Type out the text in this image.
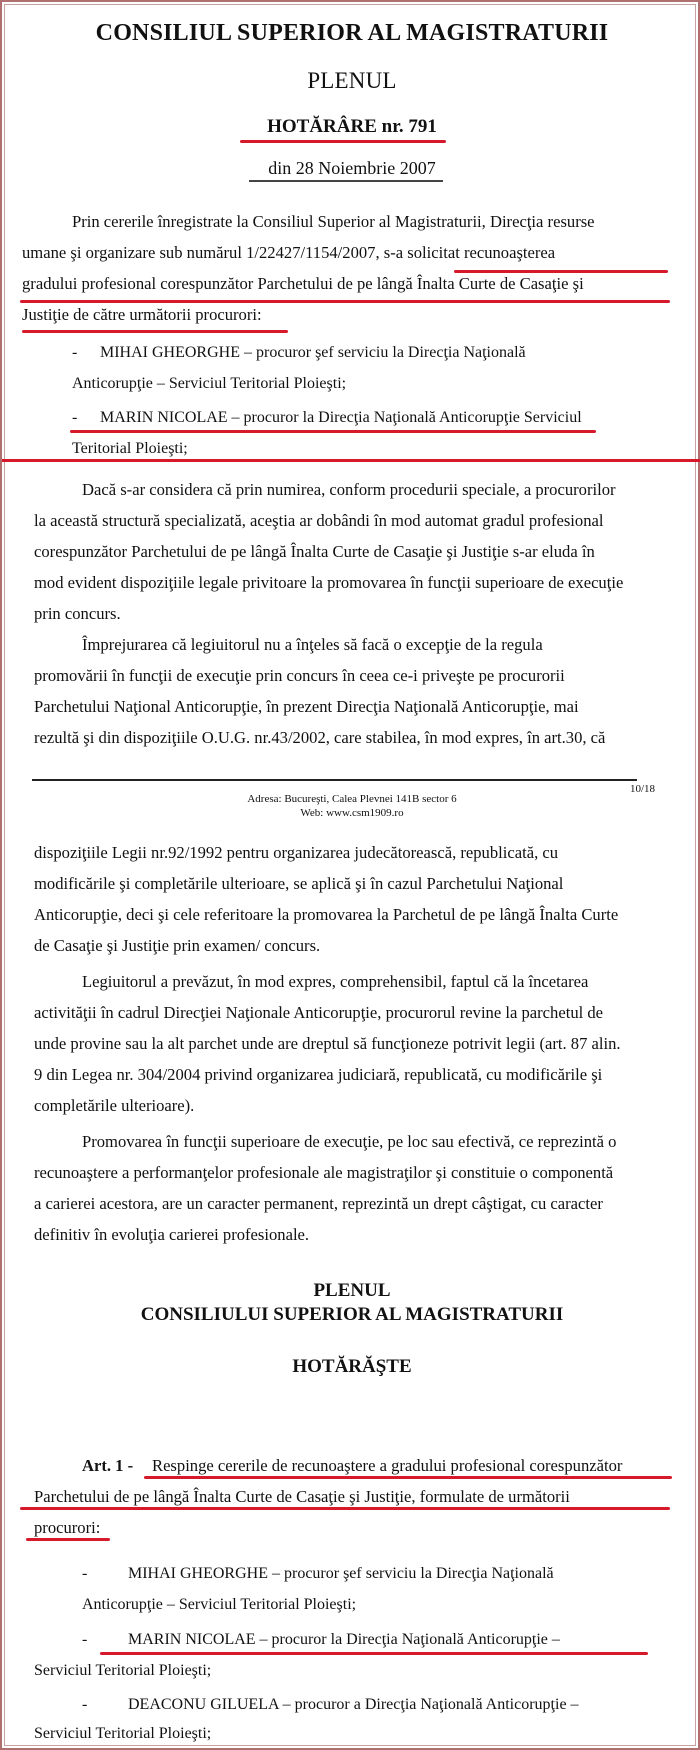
CONSILIUL SUPERIOR AL MAGISTRATURII
PLENUL
HOTĂRÂRE nr. 791
din 28 Noiembrie 2007
Prin cererile înregistrate la Consiliul Superior al Magistraturii, Direcţia resurse
umane şi organizare sub numărul 1/22427/1154/2007, s-a solicitat recunoaşterea
gradului profesional corespunzător Parchetului de pe lângă Înalta Curte de Casaţie şi
Justiţie de către următorii procurori:
- MIHAI GHEORGHE – procuror şef serviciu la Direcţia Naţională
Anticorupţie – Serviciul Teritorial Ploieşti;
- MARIN NICOLAE – procuror la Direcţia Naţională Anticorupţie Serviciul
Teritorial Ploieşti;
Dacă s-ar considera că prin numirea, conform procedurii speciale, a procurorilor
la această structură specializată, aceştia ar dobândi în mod automat gradul profesional
corespunzător Parchetului de pe lângă Înalta Curte de Casaţie şi Justiţie s-ar eluda în
mod evident dispoziţiile legale privitoare la promovarea în funcţii superioare de execuţie
prin concurs.
Împrejurarea că legiuitorul nu a înţeles să facă o excepţie de la regula
promovării în funcţii de execuţie prin concurs în ceea ce-i priveşte pe procurorii
Parchetului Naţional Anticorupţie, în prezent Direcţia Naţională Anticorupţie, mai
rezultă şi din dispoziţiile O.U.G. nr.43/2002, care stabilea, în mod expres, în art.30, că
10/18
Adresa: Bucureşti, Calea Plevnei 141B sector 6
Web: www.csm1909.ro
dispoziţiile Legii nr.92/1992 pentru organizarea judecătorească, republicată, cu
modificările şi completările ulterioare, se aplică şi în cazul Parchetului Naţional
Anticorupţie, deci şi cele referitoare la promovarea la Parchetul de pe lângă Înalta Curte
de Casaţie şi Justiţie prin examen/ concurs.
Legiuitorul a prevăzut, în mod expres, comprehensibil, faptul că la încetarea
activităţii în cadrul Direcţiei Naţionale Anticorupţie, procurorul revine la parchetul de
unde provine sau la alt parchet unde are dreptul să funcţioneze potrivit legii (art. 87 alin.
9 din Legea nr. 304/2004 privind organizarea judiciară, republicată, cu modificările şi
completările ulterioare).
Promovarea în funcţii superioare de execuţie, pe loc sau efectivă, ce reprezintă o
recunoaştere a performanţelor profesionale ale magistraţilor şi constituie o componentă
a carierei acestora, are un caracter permanent, reprezintă un drept câştigat, cu caracter
definitiv în evoluţia carierei profesionale.
PLENUL
CONSILIULUI SUPERIOR AL MAGISTRATURII
HOTĂRĂŞTE
Art. 1 - Respinge cererile de recunoaştere a gradului profesional corespunzător
Parchetului de pe lângă Înalta Curte de Casaţie şi Justiţie, formulate de următorii
procurori:
-	MIHAI GHEORGHE – procuror şef serviciu la Direcţia Naţională
Anticorupţie – Serviciul Teritorial Ploieşti;
-	MARIN NICOLAE – procuror la Direcţia Naţională Anticorupţie –
Serviciul Teritorial Ploieşti;
-	DEACONU GILUELA – procuror a Direcţia Naţională Anticorupţie –
Serviciul Teritorial Ploieşti;
